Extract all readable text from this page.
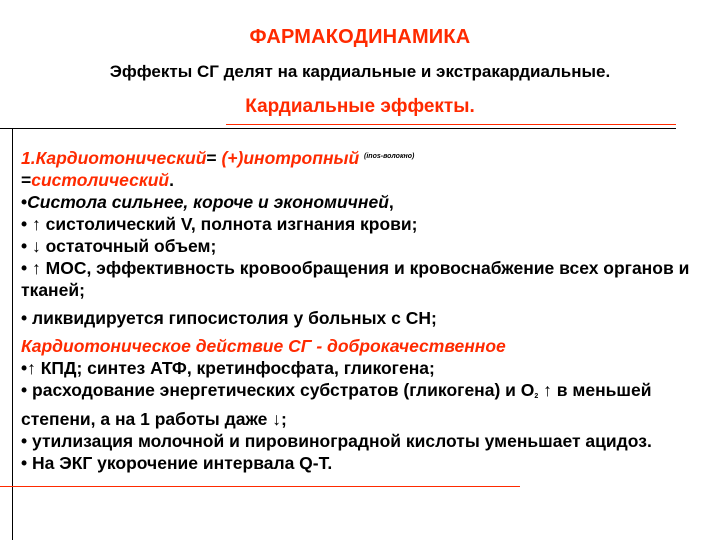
ФАРМАКОДИНАМИКА
Эффекты СГ делят на кардиальные и экстракардиальные.
Кардиальные эффекты.

1.Кардиотонический= (+)инотропный $^{(inos-волокно)}$
=систолический.

•Систола сильнее, короче и экономичней,

• ↑ систолический V, полнота изгнания крови;

• ↓ остаточный объем;

• ↑ МОС, эффективность кровообращения и кровоснабжение всех органов и тканей;

• ликвидируется гипосистолия у больных с СН;

Кардиотоническое действие СГ - доброкачественное

•↑ КПД; синтез АТФ, кретинфосфата, гликогена;

• расходование энергетических субстратов (гликогена) и $О_2$ ↑ в меньшей степени, а на 1 работы даже ↓;

• утилизация молочной и пировиноградной кислоты уменьшает ацидоз.

• На ЭКГ укорочение интервала Q-T.
